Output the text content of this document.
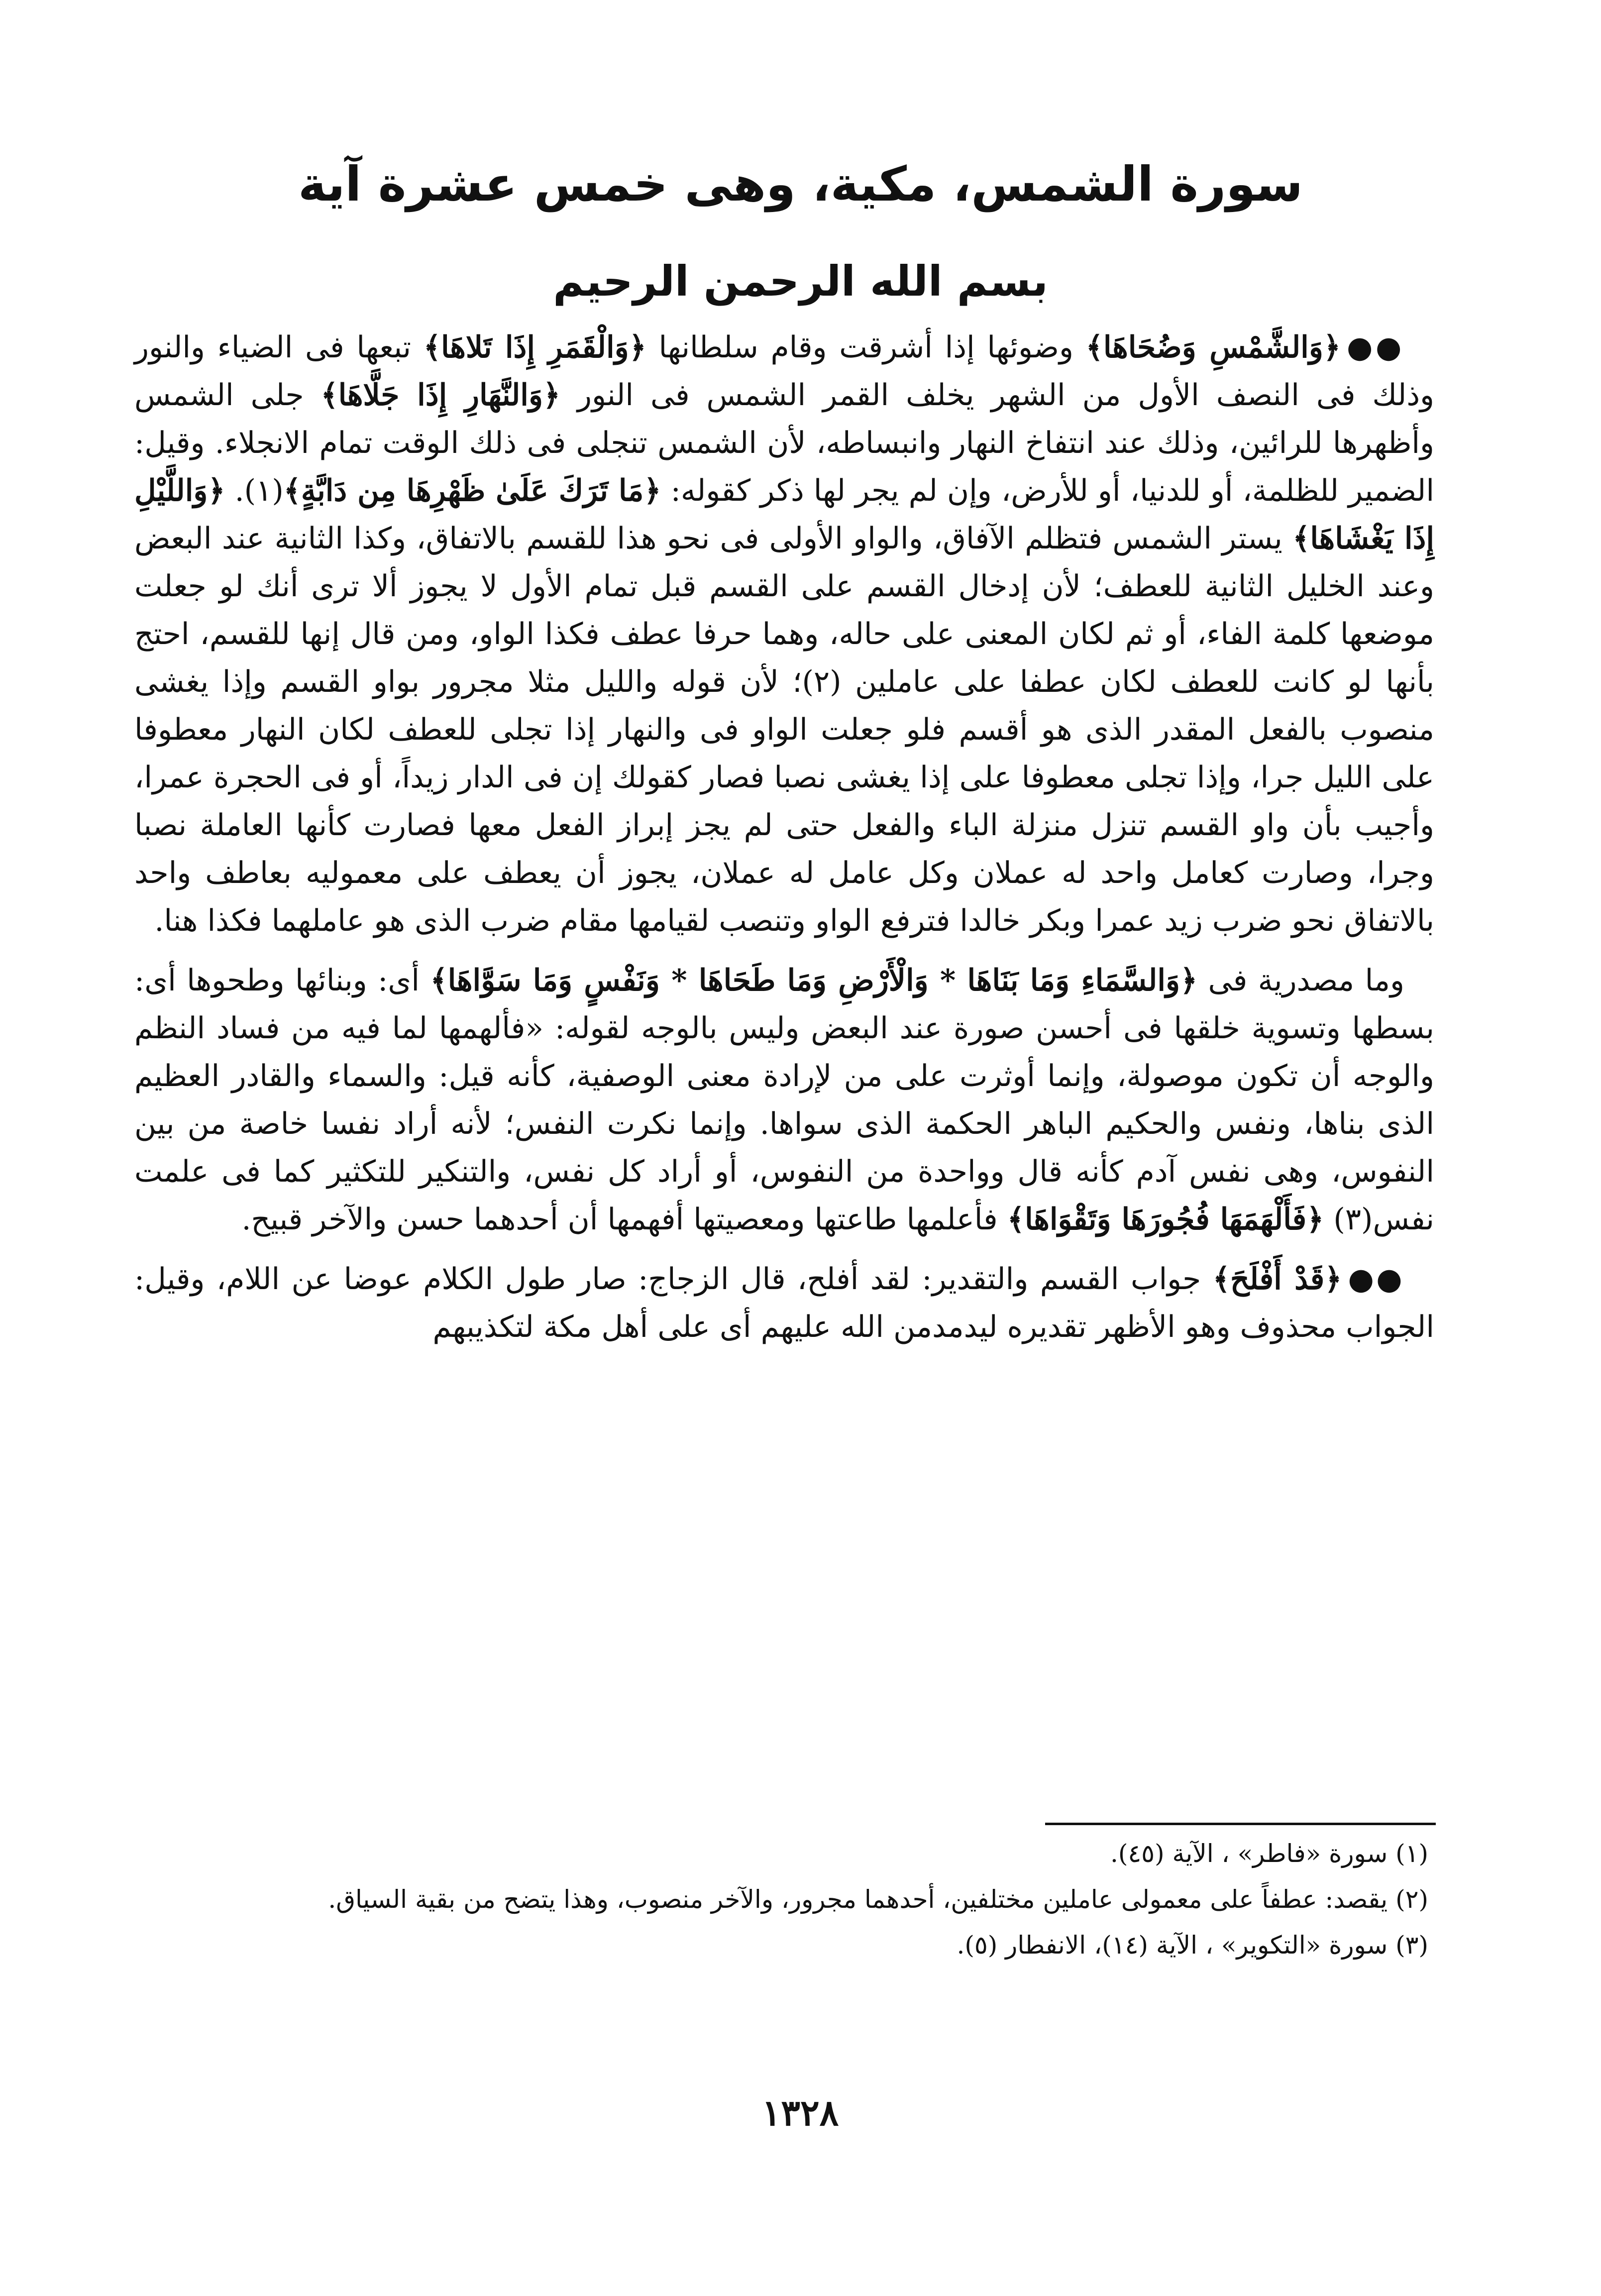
سورة الشمس، مكية، وهى خمس عشرة آية
بسم الله الرحمن الرحيم

●●﴿وَالشَّمْسِ وَضُحَاهَا﴾ وضوئها إذا أشرقت وقام سلطانها ﴿وَالْقَمَرِ إِذَا تَلاهَا﴾ تبعها فى الضياء والنور وذلك فى النصف الأول من الشهر يخلف القمر الشمس فى النور ﴿وَالنَّهَارِ إِذَا جَلَّاهَا﴾ جلى الشمس وأظهرها للرائين، وذلك عند انتفاخ النهار وانبساطه، لأن الشمس تنجلى فى ذلك الوقت تمام الانجلاء. وقيل: الضمير للظلمة، أو للدنيا، أو للأرض، وإن لم يجر لها ذكر كقوله: ﴿مَا تَرَكَ عَلَىٰ ظَهْرِهَا مِن دَابَّةٍ﴾(١). ﴿وَاللَّيْلِ إِذَا يَغْشَاهَا﴾ يستر الشمس فتظلم الآفاق، والواو الأولى فى نحو هذا للقسم بالاتفاق، وكذا الثانية عند البعض وعند الخليل الثانية للعطف؛ لأن إدخال القسم على القسم قبل تمام الأول لا يجوز ألا ترى أنك لو جعلت موضعها كلمة الفاء، أو ثم لكان المعنى على حاله، وهما حرفا عطف فكذا الواو، ومن قال إنها للقسم، احتج بأنها لو كانت للعطف لكان عطفا على عاملين (٢)؛ لأن قوله والليل مثلا مجرور بواو القسم وإذا يغشى منصوب بالفعل المقدر الذى هو أقسم فلو جعلت الواو فى والنهار إذا تجلى للعطف لكان النهار معطوفا على الليل جرا، وإذا تجلى معطوفا على إذا يغشى نصبا فصار كقولك إن فى الدار زيداً، أو فى الحجرة عمرا، وأجيب بأن واو القسم تنزل منزلة الباء والفعل حتى لم يجز إبراز الفعل معها فصارت كأنها العاملة نصبا وجرا، وصارت كعامل واحد له عملان وكل عامل له عملان، يجوز أن يعطف على معموليه بعاطف واحد بالاتفاق نحو ضرب زيد عمرا وبكر خالدا فترفع الواو وتنصب لقيامها مقام ضرب الذى هو عاملهما فكذا هنا.

وما مصدرية فى ﴿وَالسَّمَاءِ وَمَا بَنَاهَا * وَالْأَرْضِ وَمَا طَحَاهَا * وَنَفْسٍ وَمَا سَوَّاهَا﴾ أى: وبنائها وطحوها أى: بسطها وتسوية خلقها فى أحسن صورة عند البعض وليس بالوجه لقوله: «فألهمها لما فيه من فساد النظم والوجه أن تكون موصولة، وإنما أوثرت على من لإرادة معنى الوصفية، كأنه قيل: والسماء والقادر العظيم الذى بناها، ونفس والحكيم الباهر الحكمة الذى سواها. وإنما نكرت النفس؛ لأنه أراد نفسا خاصة من بين النفوس، وهى نفس آدم كأنه قال وواحدة من النفوس، أو أراد كل نفس، والتنكير للتكثير كما فى علمت نفس(٣) ﴿فَأَلْهَمَهَا فُجُورَهَا وَتَقْوَاهَا﴾ فأعلمها طاعتها ومعصيتها أفهمها أن أحدهما حسن والآخر قبيح.

●●﴿قَدْ أَفْلَحَ﴾ جواب القسم والتقدير: لقد أفلح، قال الزجاج: صار طول الكلام عوضا عن اللام، وقيل: الجواب محذوف وهو الأظهر تقديره ليدمدمن الله عليهم أى على أهل مكة لتكذيبهم

(١) سورة «فاطر» ، الآية (٤٥).

(٢) يقصد: عطفاً على معمولى عاملين مختلفين، أحدهما مجرور، والآخر منصوب، وهذا يتضح من بقية السياق.

(٣) سورة «التكوير» ، الآية (١٤)، الانفطار (٥).

١٣٢٨
